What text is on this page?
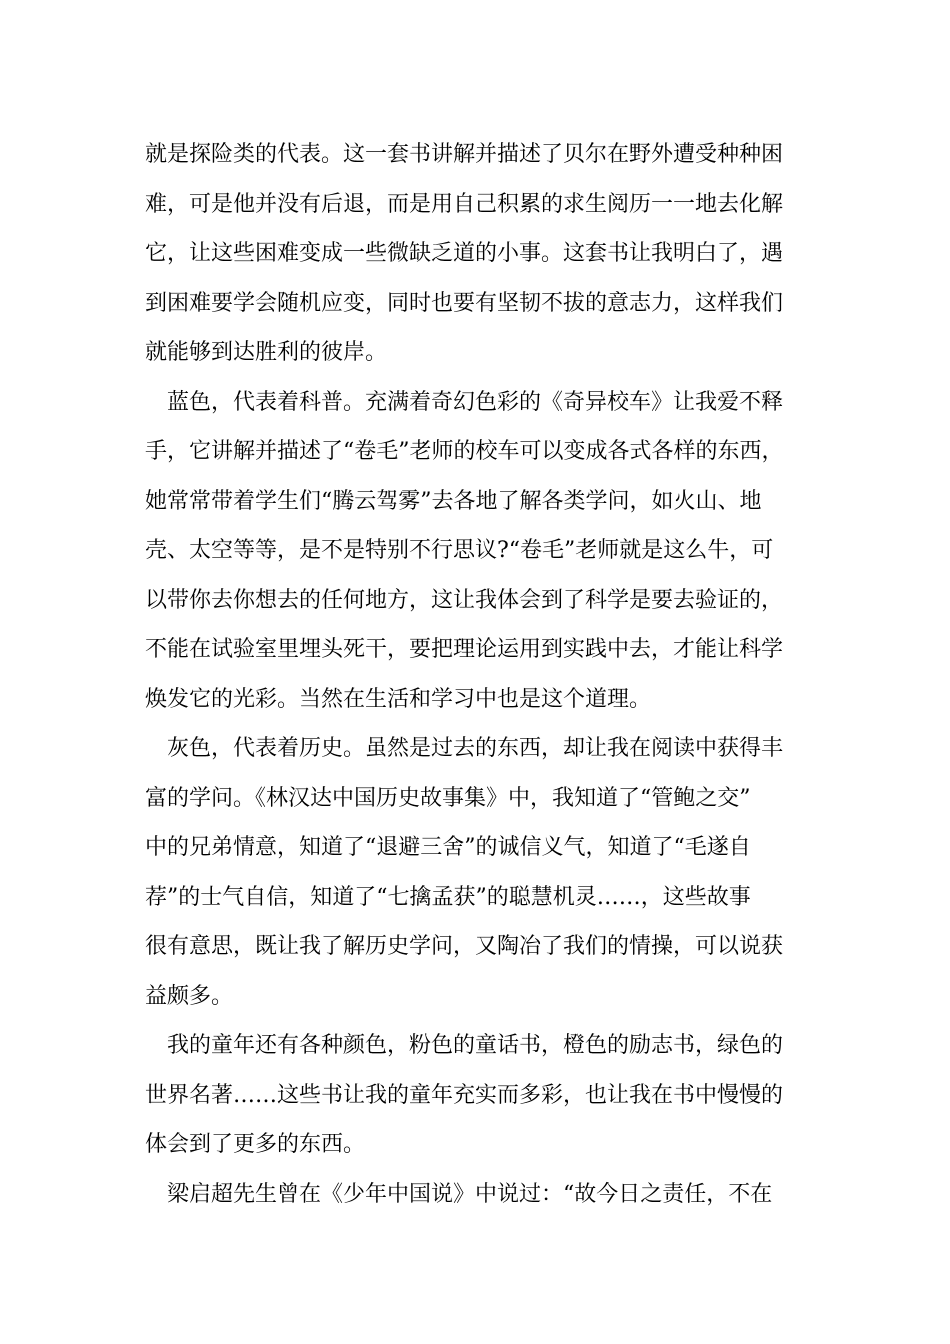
就是探险类的代表。这一套书讲解并描述了贝尔在野外遭受种种困
难，可是他并没有后退，而是用自己积累的求生阅历一一地去化解
它，让这些困难变成一些微缺乏道的小事。这套书让我明白了，遇
到困难要学会随机应变，同时也要有坚韧不拔的意志力，这样我们
就能够到达胜利的彼岸。
蓝色，代表着科普。充满着奇幻色彩的《奇异校车》让我爱不释
手，它讲解并描述了“卷毛”老师的校车可以变成各式各样的东西，
她常常带着学生们“腾云驾雾”去各地了解各类学问，如火山、地
壳、太空等等，是不是特别不行思议?“卷毛”老师就是这么牛，可
以带你去你想去的任何地方，这让我体会到了科学是要去验证的，
不能在试验室里埋头死干，要把理论运用到实践中去，才能让科学
焕发它的光彩。当然在生活和学习中也是这个道理。
灰色，代表着历史。虽然是过去的东西，却让我在阅读中获得丰
富的学问。《林汉达中国历史故事集》中，我知道了“管鲍之交”
中的兄弟情意，知道了“退避三舍”的诚信义气，知道了“毛遂自
荐”的士气自信，知道了“七擒孟获”的聪慧机灵……，这些故事
很有意思，既让我了解历史学问，又陶冶了我们的情操，可以说获
益颇多。
我的童年还有各种颜色，粉色的童话书，橙色的励志书，绿色的
世界名著……这些书让我的童年充实而多彩，也让我在书中慢慢的
体会到了更多的东西。
梁启超先生曾在《少年中国说》中说过：“故今日之责任，不在
